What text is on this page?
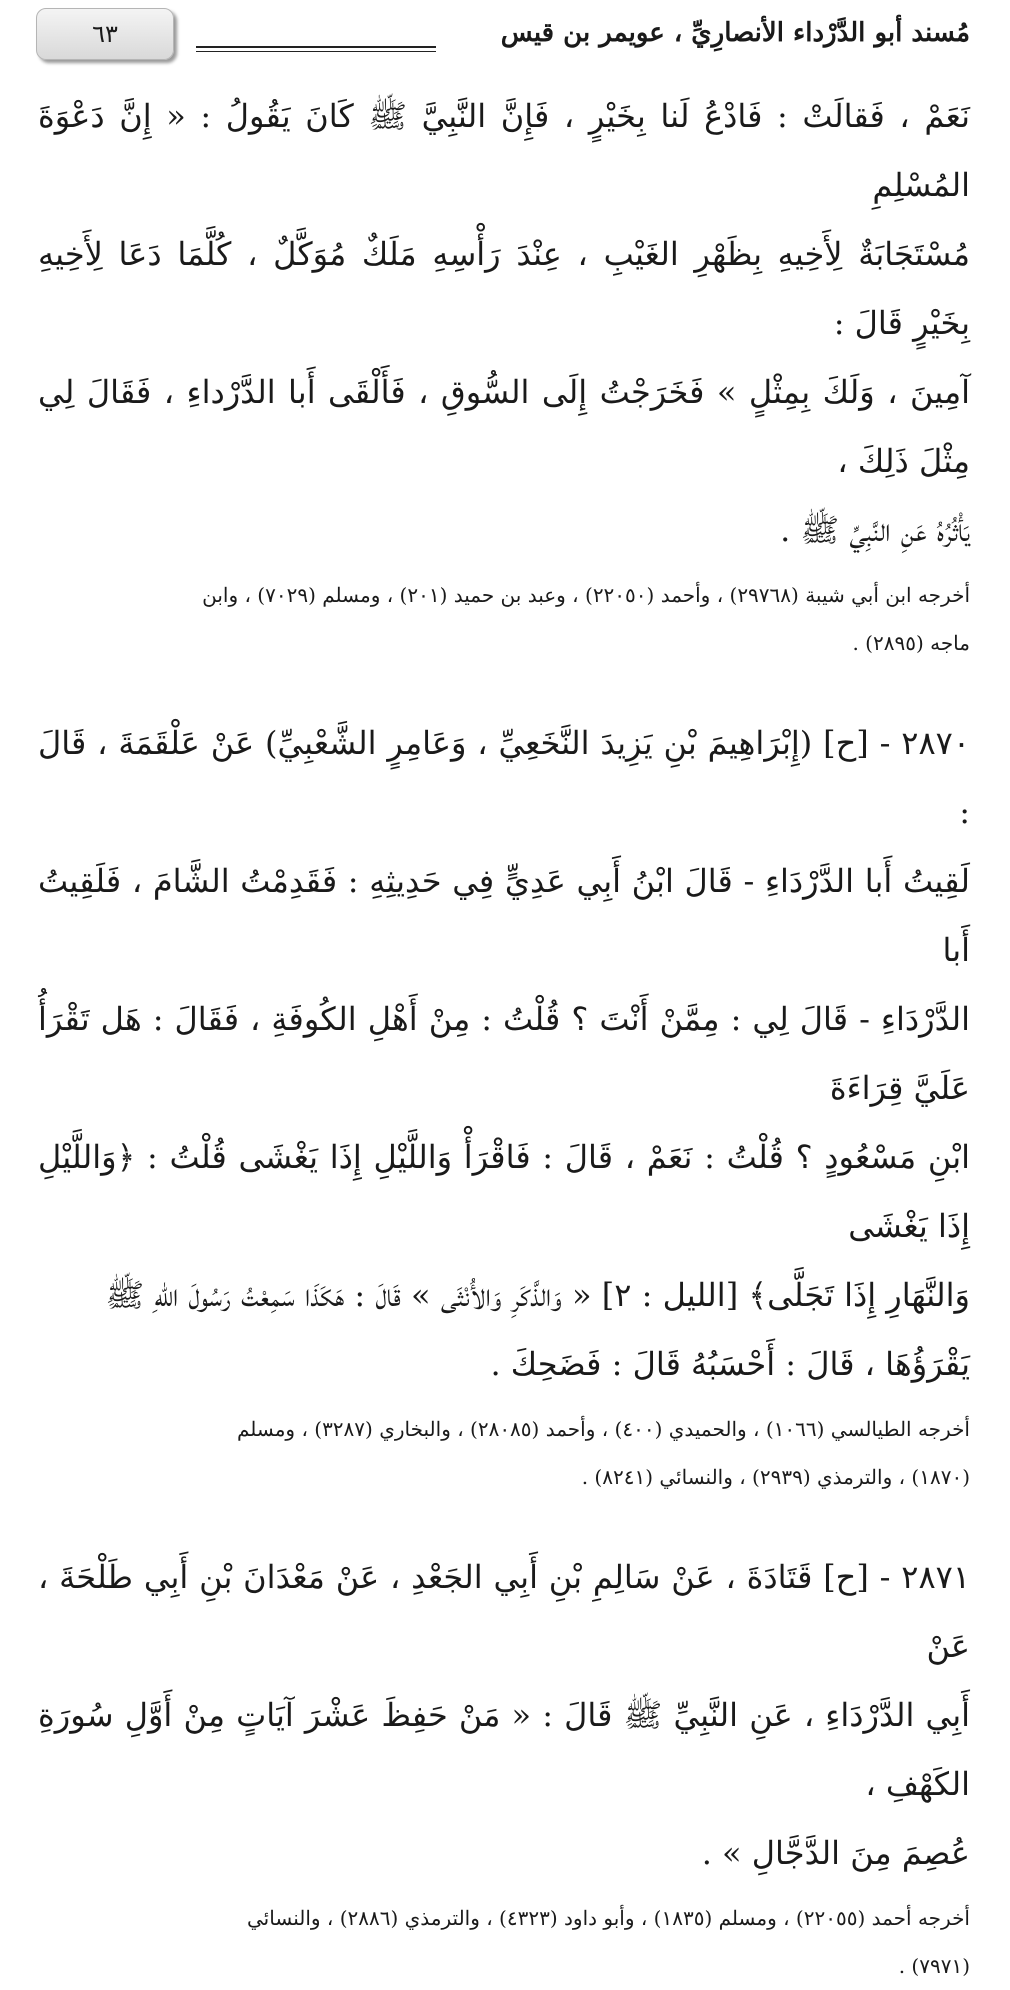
مُسند أبو الدَّرْداء الأنصارِيِّ ، عويمر بن قيس
٦٣
نَعَمْ ، فَقالَتْ : فَادْعُ لَنا بِخَيْرٍ ، فَإِنَّ النَّبِيَّ ﷺ كَانَ يَقُولُ : « إِنَّ دَعْوَةَ المُسْلِمِ
مُسْتَجَابَةٌ لِأَخِيهِ بِظَهْرِ الغَيْبِ ، عِنْدَ رَأْسِهِ مَلَكٌ مُوَكَّلٌ ، كُلَّمَا دَعَا لِأَخِيهِ بِخَيْرٍ قَالَ :
آمِينَ ، وَلَكَ بِمِثْلٍ » فَخَرَجْتُ إِلَى السُّوقِ ، فَأَلْقَى أَبا الدَّرْداءِ ، فَقَالَ لِي مِثْلَ ذَلِكَ ،
يَأْثُرُهُ عَنِ النَّبِيِّ ﷺ .
أخرجه ابن أبي شيبة (٢٩٧٦٨) ، وأحمد (٢٢٠٥٠) ، وعبد بن حميد (٢٠١) ، ومسلم (٧٠٢٩) ، وابن
ماجه (٢٨٩٥) .
٢٨٧٠ - [ح] (إِبْرَاهِيمَ بْنِ يَزِيدَ النَّخَعِيِّ ، وَعَامِرٍ الشَّعْبِيِّ) عَنْ عَلْقَمَةَ ، قَالَ :
لَقِيتُ أَبا الدَّرْدَاءِ - قَالَ ابْنُ أَبِي عَدِيٍّ فِي حَدِيثِهِ : فَقَدِمْتُ الشَّامَ ، فَلَقِيتُ أَبا
الدَّرْدَاءِ - قَالَ لِي : مِمَّنْ أَنْتَ ؟ قُلْتُ : مِنْ أَهْلِ الكُوفَةِ ، فَقَالَ : هَل تَقْرَأُ عَلَيَّ قِرَاءَةَ
ابْنِ مَسْعُودٍ ؟ قُلْتُ : نَعَمْ ، قَالَ : فَاقْرَأْ وَاللَّيْلِ إِذَا يَغْشَى قُلْتُ : ﴿وَاللَّيْلِ إِذَا يَغْشَى
وَالنَّهَارِ إِذَا تَجَلَّى﴾ [الليل : ٢] « وَالذَّكَرِ وَالأُنْثَى » قَالَ : هَكَذَا سَمِعْتُ رَسُولَ اللهِ ﷺ
يَقْرَؤُهَا ، قَالَ : أَحْسَبُهُ قَالَ : فَضَحِكَ .
أخرجه الطيالسي (١٠٦٦) ، والحميدي (٤٠٠) ، وأحمد (٢٨٠٨٥) ، والبخاري (٣٢٨٧) ، ومسلم
(١٨٧٠) ، والترمذي (٢٩٣٩) ، والنسائي (٨٢٤١) .
٢٨٧١ - [ح] قَتَادَةَ ، عَنْ سَالِمِ بْنِ أَبِي الجَعْدِ ، عَنْ مَعْدَانَ بْنِ أَبِي طَلْحَةَ ، عَنْ
أَبِي الدَّرْدَاءِ ، عَنِ النَّبِيِّ ﷺ قَالَ : « مَنْ حَفِظَ عَشْرَ آيَاتٍ مِنْ أَوَّلِ سُورَةِ الكَهْفِ ،
عُصِمَ مِنَ الدَّجَّالِ » .
أخرجه أحمد (٢٢٠٥٥) ، ومسلم (١٨٣٥) ، وأبو داود (٤٣٢٣) ، والترمذي (٢٨٨٦) ، والنسائي
(٧٩٧١) .
